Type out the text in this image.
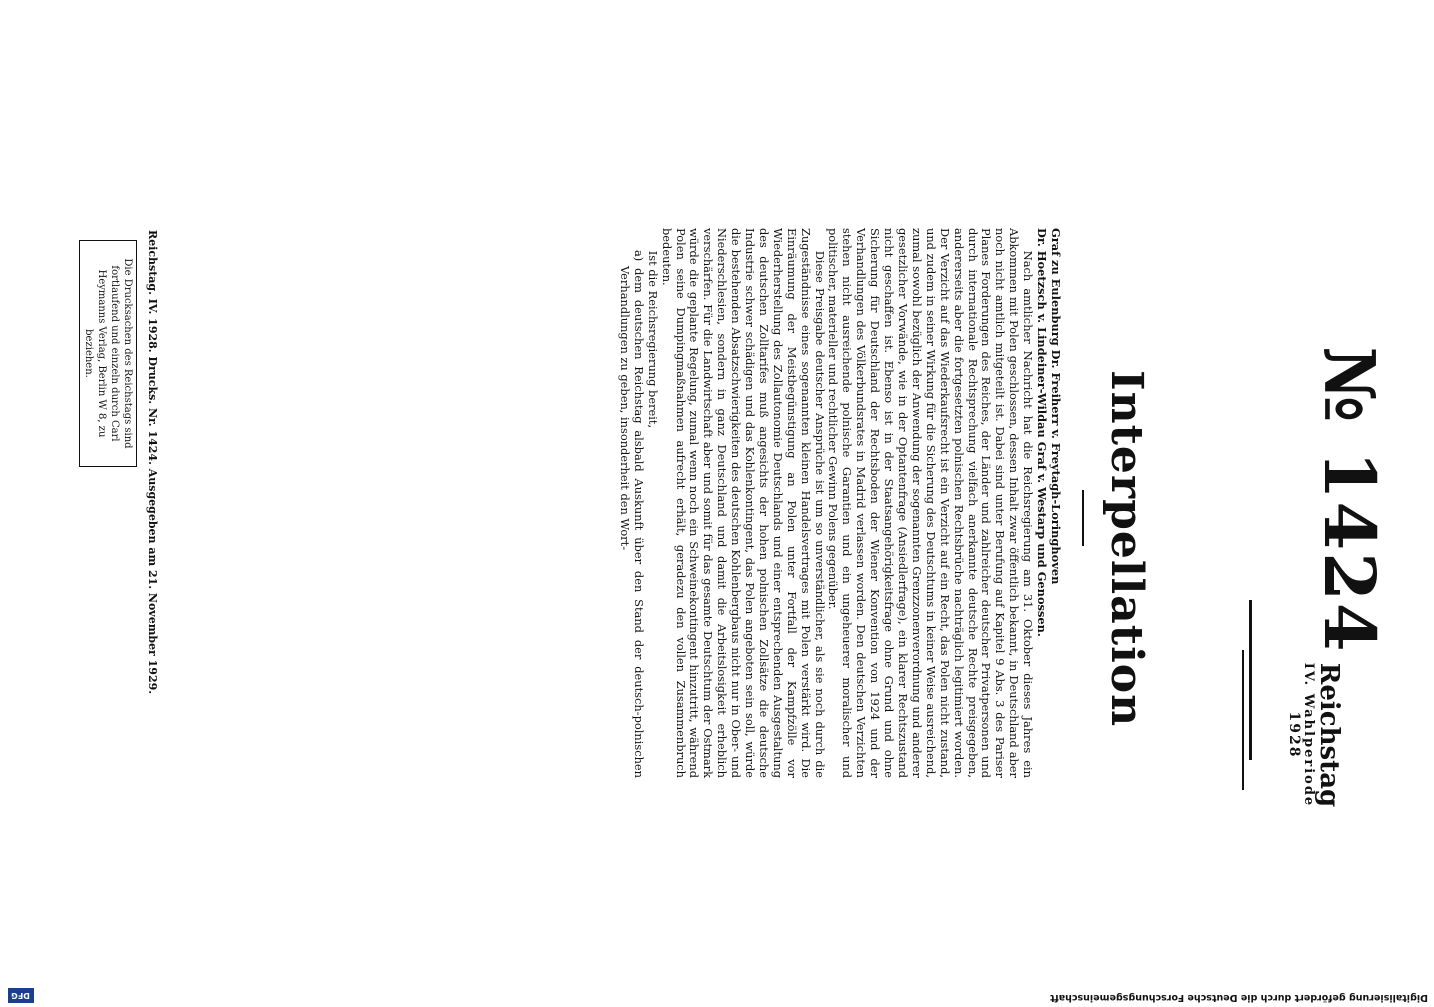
№ 1424
Reichstag
IV. Wahlperiode
1928
Interpellation

Graf zu Eulenburg Dr. Freiherr v. Freytagh-Loringhoven

Dr. Hoetzsch v. Lindeiner-Wildau Graf v. Westarp und Genossen.

Nach amtlicher Nachricht hat die Reichsregierung am 31. Oktober dieses Jahres ein Abkommen mit Polen geschlossen, dessen Inhalt zwar öffentlich bekannt, in Deutschland aber noch nicht amtlich mitgeteilt ist. Dabei sind unter Berufung auf Kapitel 9 Abs. 3 des Pariser Planes Forderungen des Reiches, der Länder und zahlreicher deutscher Privatpersonen und durch internationale Rechtsprechung vielfach anerkannte deutsche Rechte preisgegeben, andererseits aber die fortgesetzten polnischen Rechtsbrüche nachträglich legitimiert worden. Der Verzicht auf das Wiederkaufsrecht ist ein Verzicht auf ein Recht, das Polen nicht zustand, und zudem in seiner Wirkung für die Sicherung des Deutschtums in keiner Weise ausreichend, zumal sowohl bezüglich der Anwendung der sogenannten Grenzzonenverordnung und anderer gesetzlicher Vorwände, wie in der Optantenfrage (Ansiedlerfrage), ein klarer Rechtszustand nicht geschaffen ist. Ebenso ist in der Staatsangehörigkeitsfrage ohne Grund und ohne Sicherung für Deutschland der Rechtsboden der Wiener Konvention von 1924 und der Verhandlungen des Völkerbundsrates in Madrid verlassen worden. Den deutschen Verzichten stehen nicht ausreichende polnische Garantien und ein ungeheuerer moralischer und politischer, materieller und rechtlicher Gewinn Polens gegenüber.

Diese Preisgabe deutscher Ansprüche ist um so unverständlicher, als sie noch durch die Zugeständnisse eines sogenannten kleinen Handelsvertrages mit Polen verstärkt wird. Die Einräumung der Meistbegünstigung an Polen unter Fortfall der Kampfzölle vor Wiederherstellung des Zollautonomie Deutschlands und einer entsprechenden Ausgestaltung des deutschen Zolltarifes muß angesichts der hohen polnischen Zollsätze die deutsche Industrie schwer schädigen und das Kohlenkontingent, das Polen angeboten sein soll, würde die bestehenden Absatzschwierigkeiten des deutschen Kohlenbergbaus nicht nur in Ober- und Niederschlesien, sondern in ganz Deutschland und damit die Arbeitslosigkeit erheblich verschärfen. Für die Landwirtschaft aber und somit für das gesamte Deutschtum der Ostmark würde die geplante Regelung, zumal wenn noch ein Schweinekontingent hinzutritt, während Polen seine Dumpingmaßnahmen aufrecht erhält, geradezu den vollen Zusammenbruch bedeuten.

Ist die Reichsregierung bereit,

a) dem deutschen Reichstag alsbald Auskunft über den Stand der deutsch-polnischen Verhandlungen zu geben, insonderheit den Wort-

Reichstag. IV. 1928. Drucks. Nr. 1424. Ausgegeben am 21. November 1929.
Die Drucksachen des Reichstags sind fortlaufend und einzeln durch Carl Heymanns Verlag, Berlin W 8, zu beziehen.
Digitalisierung gefördert durch die Deutsche Forschungsgemeinschaft
DFG
